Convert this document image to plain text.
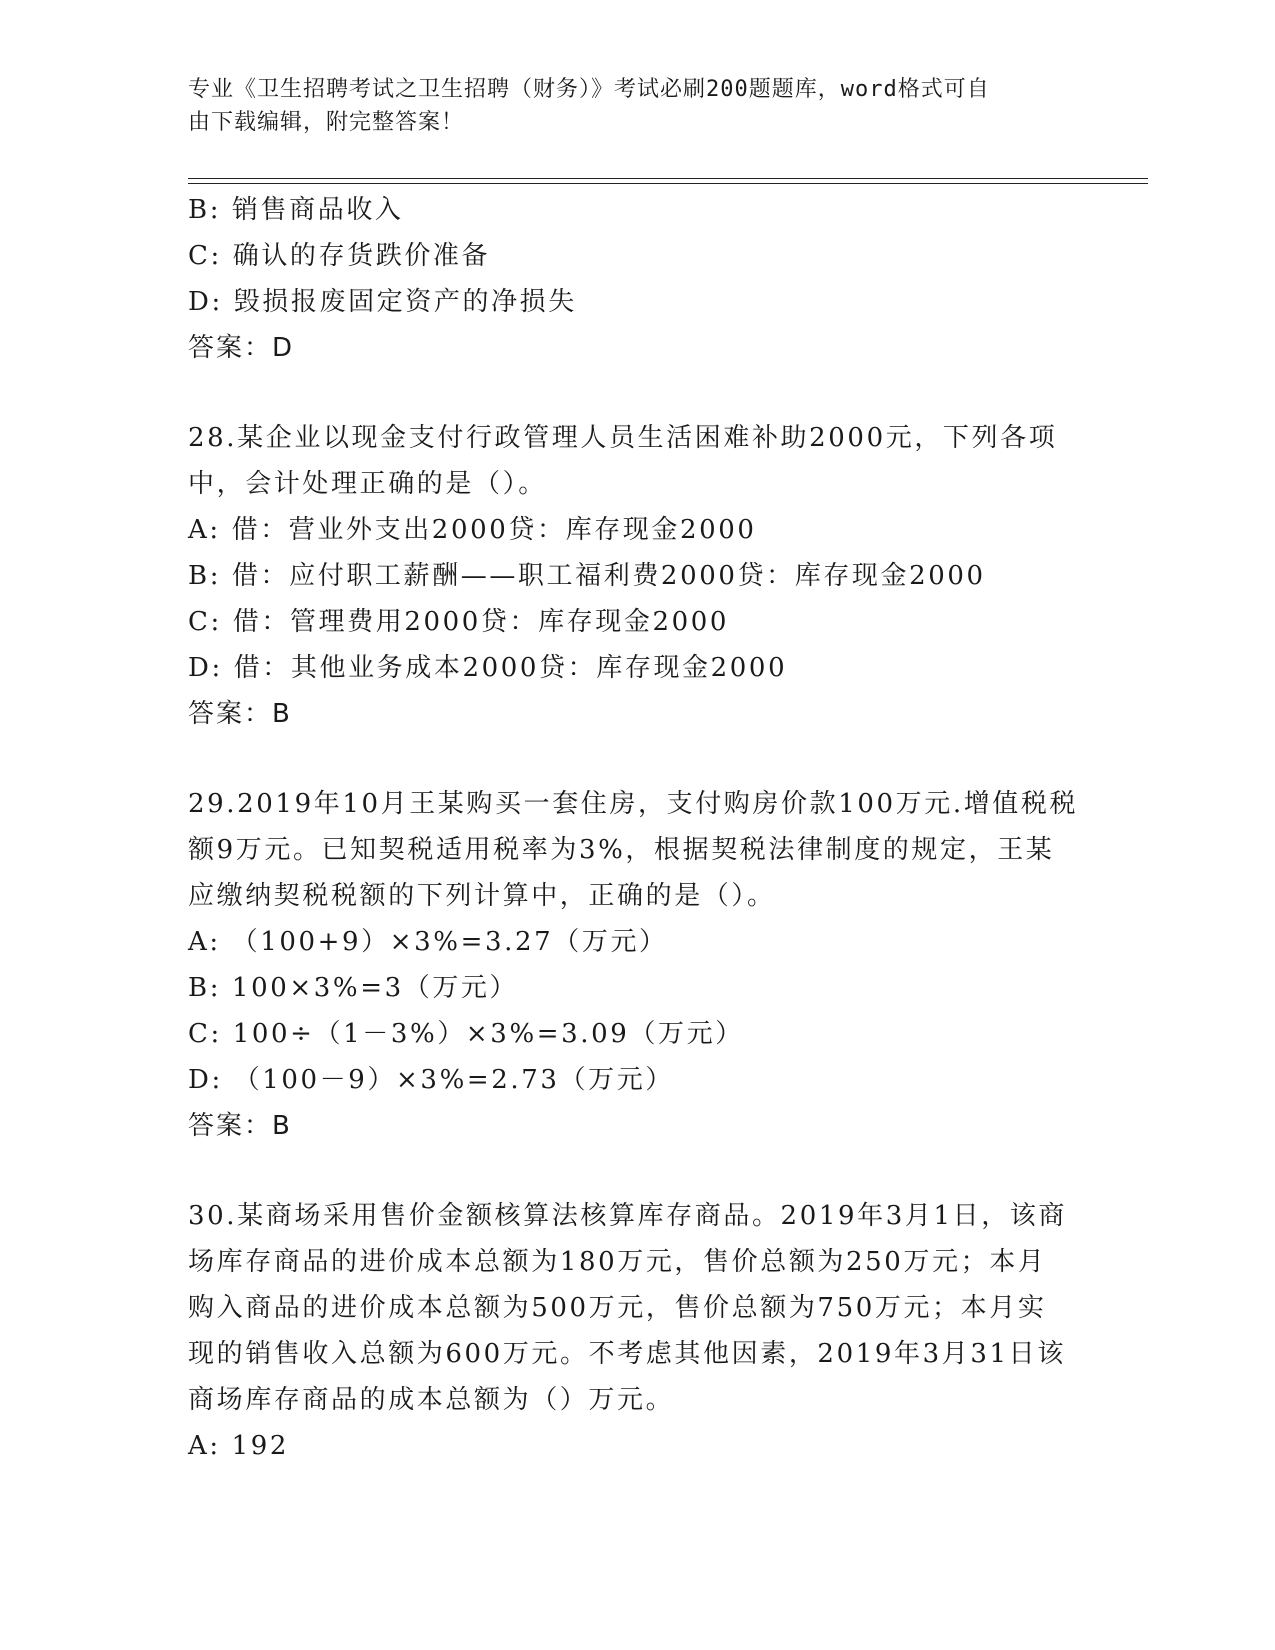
专业《卫生招聘考试之卫生招聘（财务）》考试必刷200题题库，word格式可自
由下载编辑，附完整答案！
B: 销售商品收入
C: 确认的存货跌价准备
D: 毁损报废固定资产的净损失
答案：D
28.某企业以现金支付行政管理人员生活困难补助2000元，下列各项
中，会计处理正确的是（）。
A: 借：营业外支出2000贷：库存现金2000
B: 借：应付职工薪酬——职工福利费2000贷：库存现金2000
C: 借：管理费用2000贷：库存现金2000
D: 借：其他业务成本2000贷：库存现金2000
答案：B
29.2019年10月王某购买一套住房，支付购房价款100万元.增值税税
额9万元。已知契税适用税率为3%，根据契税法律制度的规定，王某
应缴纳契税税额的下列计算中，正确的是（）。
A: （100+9）×3%=3.27（万元）
B: 100×3%=3（万元）
C: 100÷（1－3%）×3%=3.09（万元）
D: （100－9）×3%=2.73（万元）
答案：B
30.某商场采用售价金额核算法核算库存商品。2019年3月1日，该商
场库存商品的进价成本总额为180万元，售价总额为250万元；本月
购入商品的进价成本总额为500万元，售价总额为750万元；本月实
现的销售收入总额为600万元。不考虑其他因素，2019年3月31日该
商场库存商品的成本总额为（）万元。
A: 192
